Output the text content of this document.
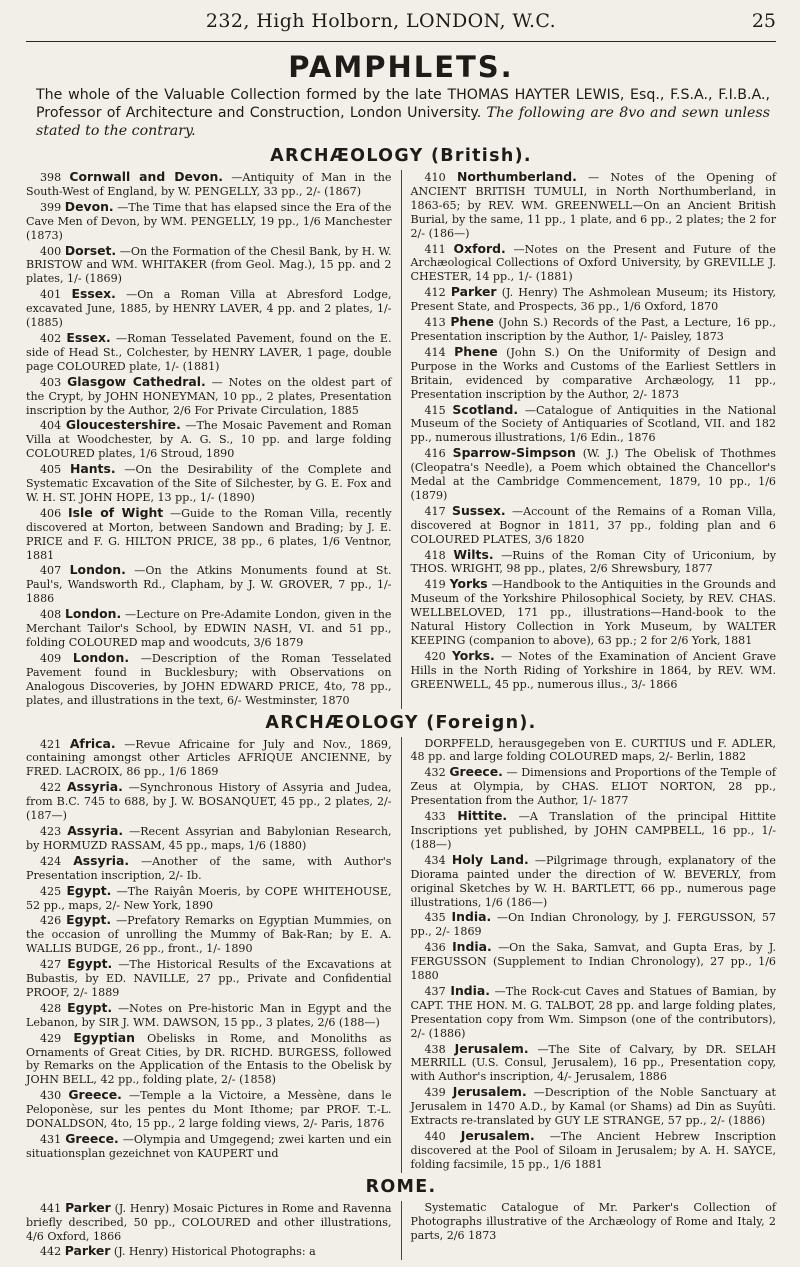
232, High Holborn, LONDON, W.C.	25
PAMPHLETS.
The whole of the Valuable Collection formed by the late THOMAS HAYTER LEWIS, Esq., F.S.A., F.I.B.A., Professor of Architecture and Construction, London University. The following are 8vo and sewn unless stated to the contrary.
ARCHÆOLOGY (British).

398 Cornwall and Devon. —Antiquity of Man in the South-West of England, by W. PENGELLY, 33 pp., 2/- (1867)

399 Devon. —The Time that has elapsed since the Era of the Cave Men of Devon, by WM. PENGELLY, 19 pp., 1/6 Manchester (1873)

400 Dorset. —On the Formation of the Chesil Bank, by H. W. BRISTOW and WM. WHITAKER (from Geol. Mag.), 15 pp. and 2 plates, 1/- (1869)

401 Essex. —On a Roman Villa at Abresford Lodge, excavated June, 1885, by HENRY LAVER, 4 pp. and 2 plates, 1/- (1885)

402 Essex. —Roman Tesselated Pavement, found on the E. side of Head St., Colchester, by HENRY LAVER, 1 page, double page COLOURED plate, 1/- (1881)

403 Glasgow Cathedral. — Notes on the oldest part of the Crypt, by JOHN HONEYMAN, 10 pp., 2 plates, Presentation inscription by the Author, 2/6 For Private Circulation, 1885

404 Gloucestershire. —The Mosaic Pavement and Roman Villa at Woodchester, by A. G. S., 10 pp. and large folding COLOURED plates, 1/6 Stroud, 1890

405 Hants. —On the Desirability of the Complete and Systematic Excavation of the Site of Silchester, by G. E. Fox and W. H. ST. JOHN HOPE, 13 pp., 1/- (1890)

406 Isle of Wight —Guide to the Roman Villa, recently discovered at Morton, between Sandown and Brading; by J. E. PRICE and F. G. HILTON PRICE, 38 pp., 6 plates, 1/6 Ventnor, 1881

407 London. —On the Atkins Monuments found at St. Paul's, Wandsworth Rd., Clapham, by J. W. GROVER, 7 pp., 1/- 1886

408 London. —Lecture on Pre-Adamite London, given in the Merchant Tailor's School, by EDWIN NASH, VI. and 51 pp., folding COLOURED map and woodcuts, 3/6 1879

409 London. —Description of the Roman Tesselated Pavement found in Bucklesbury; with Observations on Analogous Discoveries, by JOHN EDWARD PRICE, 4to, 78 pp., plates, and illustrations in the text, 6/- Westminster, 1870

410 Northumberland. — Notes of the Opening of ANCIENT BRITISH TUMULI, in North Northumberland, in 1863-65; by REV. WM. GREENWELL—On an Ancient British Burial, by the same, 11 pp., 1 plate, and 6 pp., 2 plates; the 2 for 2/- (186—)

411 Oxford. —Notes on the Present and Future of the Archæological Collections of Oxford University, by GREVILLE J. CHESTER, 14 pp., 1/- (1881)

412 Parker (J. Henry) The Ashmolean Museum; its History, Present State, and Prospects, 36 pp., 1/6 Oxford, 1870

413 Phene (John S.) Records of the Past, a Lecture, 16 pp., Presentation inscription by the Author, 1/- Paisley, 1873

414 Phene (John S.) On the Uniformity of Design and Purpose in the Works and Customs of the Earliest Settlers in Britain, evidenced by comparative Archæology, 11 pp., Presentation inscription by the Author, 2/- 1873

415 Scotland. —Catalogue of Antiquities in the National Museum of the Society of Antiquaries of Scotland, VII. and 182 pp., numerous illustrations, 1/6 Edin., 1876

416 Sparrow-Simpson (W. J.) The Obelisk of Thothmes (Cleopatra's Needle), a Poem which obtained the Chancellor's Medal at the Cambridge Commencement, 1879, 10 pp., 1/6 (1879)

417 Sussex. —Account of the Remains of a Roman Villa, discovered at Bognor in 1811, 37 pp., folding plan and 6 COLOURED PLATES, 3/6 1820

418 Wilts. —Ruins of the Roman City of Uriconium, by THOS. WRIGHT, 98 pp., plates, 2/6 Shrewsbury, 1877

419 Yorks —Handbook to the Antiquities in the Grounds and Museum of the Yorkshire Philosophical Society, by REV. CHAS. WELLBELOVED, 171 pp., illustrations—Hand-book to the Natural History Collection in York Museum, by WALTER KEEPING (companion to above), 63 pp.; 2 for 2/6 York, 1881

420 Yorks. — Notes of the Examination of Ancient Grave Hills in the North Riding of Yorkshire in 1864, by REV. WM. GREENWELL, 45 pp., numerous illus., 3/- 1866

ARCHÆOLOGY (Foreign).

421 Africa. —Revue Africaine for July and Nov., 1869, containing amongst other Articles AFRIQUE ANCIENNE, by FRED. LACROIX, 86 pp., 1/6 1869

422 Assyria. —Synchronous History of Assyria and Judea, from B.C. 745 to 688, by J. W. BOSANQUET, 45 pp., 2 plates, 2/- (187—)

423 Assyria. —Recent Assyrian and Babylonian Research, by HORMUZD RASSAM, 45 pp., maps, 1/6 (1880)

424 Assyria. —Another of the same, with Author's Presentation inscription, 2/- Ib.

425 Egypt. —The Raiyân Moeris, by COPE WHITEHOUSE, 52 pp., maps, 2/- New York, 1890

426 Egypt. —Prefatory Remarks on Egyptian Mummies, on the occasion of unrolling the Mummy of Bak-Ran; by E. A. WALLIS BUDGE, 26 pp., front., 1/- 1890

427 Egypt. —The Historical Results of the Excavations at Bubastis, by ED. NAVILLE, 27 pp., Private and Confidential PROOF, 2/- 1889

428 Egypt. —Notes on Pre-historic Man in Egypt and the Lebanon, by SIR J. WM. DAWSON, 15 pp., 3 plates, 2/6 (188—)

429 Egyptian Obelisks in Rome, and Monoliths as Ornaments of Great Cities, by DR. RICHD. BURGESS, followed by Remarks on the Application of the Entasis to the Obelisk by JOHN BELL, 42 pp., folding plate, 2/- (1858)

430 Greece. —Temple a la Victoire, a Messène, dans le Peloponèse, sur les pentes du Mont Ithome; par PROF. T.-L. DONALDSON, 4to, 15 pp., 2 large folding views, 2/- Paris, 1876

431 Greece. —Olympia and Umgegend; zwei karten und ein situationsplan gezeichnet von KAUPERT und

DORPFELD, herausgegeben von E. CURTIUS und F. ADLER, 48 pp. and large folding COLOURED maps, 2/- Berlin, 1882

432 Greece. — Dimensions and Proportions of the Temple of Zeus at Olympia, by CHAS. ELIOT NORTON, 28 pp., Presentation from the Author, 1/- 1877

433 Hittite. —A Translation of the principal Hittite Inscriptions yet published, by JOHN CAMPBELL, 16 pp., 1/- (188—)

434 Holy Land. —Pilgrimage through, explanatory of the Diorama painted under the direction of W. BEVERLY, from original Sketches by W. H. BARTLETT, 66 pp., numerous page illustrations, 1/6 (186—)

435 India. —On Indian Chronology, by J. FERGUSSON, 57 pp., 2/- 1869

436 India. —On the Saka, Samvat, and Gupta Eras, by J. FERGUSSON (Supplement to Indian Chronology), 27 pp., 1/6 1880

437 India. —The Rock-cut Caves and Statues of Bamian, by CAPT. THE HON. M. G. TALBOT, 28 pp. and large folding plates, Presentation copy from Wm. Simpson (one of the contributors), 2/- (1886)

438 Jerusalem. —The Site of Calvary, by DR. SELAH MERRILL (U.S. Consul, Jerusalem), 16 pp., Presentation copy, with Author's inscription, 4/- Jerusalem, 1886

439 Jerusalem. —Description of the Noble Sanctuary at Jerusalem in 1470 A.D., by Kamal (or Shams) ad Din as Suyûti. Extracts re-translated by GUY LE STRANGE, 57 pp., 2/- (1886)

440 Jerusalem. —The Ancient Hebrew Inscription discovered at the Pool of Siloam in Jerusalem; by A. H. SAYCE, folding facsimile, 15 pp., 1/6 1881

ROME.

441 Parker (J. Henry) Mosaic Pictures in Rome and Ravenna briefly described, 50 pp., COLOURED and other illustrations, 4/6 Oxford, 1866

442 Parker (J. Henry) Historical Photographs: a

Systematic Catalogue of Mr. Parker's Collection of Photographs illustrative of the Archæology of Rome and Italy, 2 parts, 2/6 1873
